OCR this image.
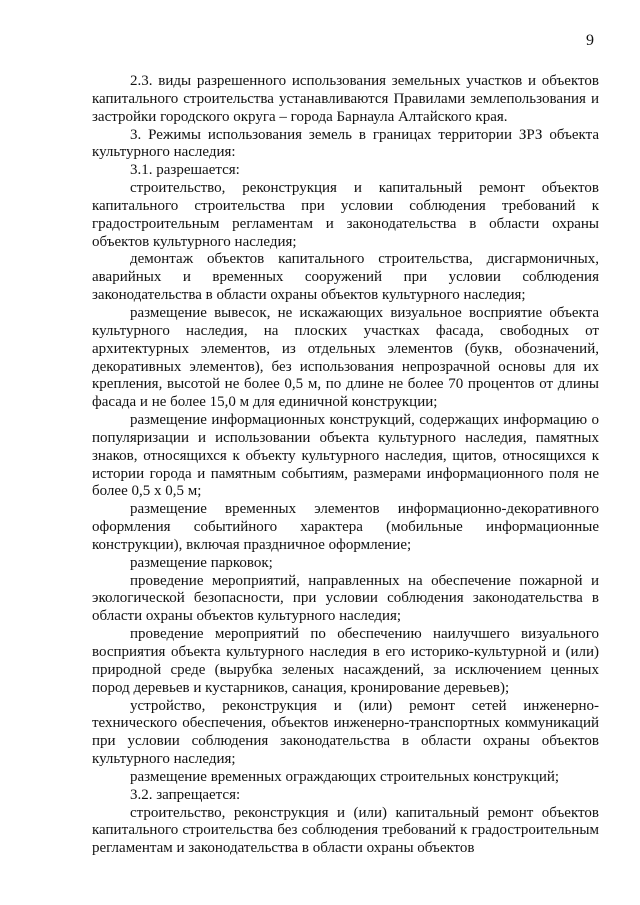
9

2.3. виды разрешенного использования земельных участков и объектов капитального строительства устанавливаются Правилами землепользования и застройки городского округа – города Барнаула Алтайского края.

3. Режимы использования земель в границах территории ЗРЗ объекта культурного наследия:

3.1. разрешается:

строительство, реконструкция и капитальный ремонт объектов капитального строительства при условии соблюдения требований к градостроительным регламентам и законодательства в области охраны объектов культурного наследия;

демонтаж объектов капитального строительства, дисгармоничных, аварийных и временных сооружений при условии соблюдения законодательства в области охраны объектов культурного наследия;

размещение вывесок, не искажающих визуальное восприятие объекта культурного наследия, на плоских участках фасада, свободных от архитектурных элементов, из отдельных элементов (букв, обозначений, декоративных элементов), без использования непрозрачной основы для их крепления, высотой не более 0,5 м, по длине не более 70 процентов от длины фасада и не более 15,0 м для единичной конструкции;

размещение информационных конструкций, содержащих информацию о популяризации и использовании объекта культурного наследия, памятных знаков, относящихся к объекту культурного наследия, щитов, относящихся к истории города и памятным событиям, размерами информационного поля не более 0,5 х 0,5 м;

размещение временных элементов информационно-декоративного оформления событийного характера (мобильные информационные конструкции), включая праздничное оформление;

размещение парковок;

проведение мероприятий, направленных на обеспечение пожарной и экологической безопасности, при условии соблюдения законодательства в области охраны объектов культурного наследия;

проведение мероприятий по обеспечению наилучшего визуального восприятия объекта культурного наследия в его историко-культурной и (или) природной среде (вырубка зеленых насаждений, за исключением ценных пород деревьев и кустарников, санация, кронирование деревьев);

устройство, реконструкция и (или) ремонт сетей инженерно-технического обеспечения, объектов инженерно-транспортных коммуникаций при условии соблюдения законодательства в области охраны объектов культурного наследия;

размещение временных ограждающих строительных конструкций;

3.2. запрещается:

строительство, реконструкция и (или) капитальный ремонт объектов капитального строительства без соблюдения требований к градостроительным регламентам и законодательства в области охраны объектов
